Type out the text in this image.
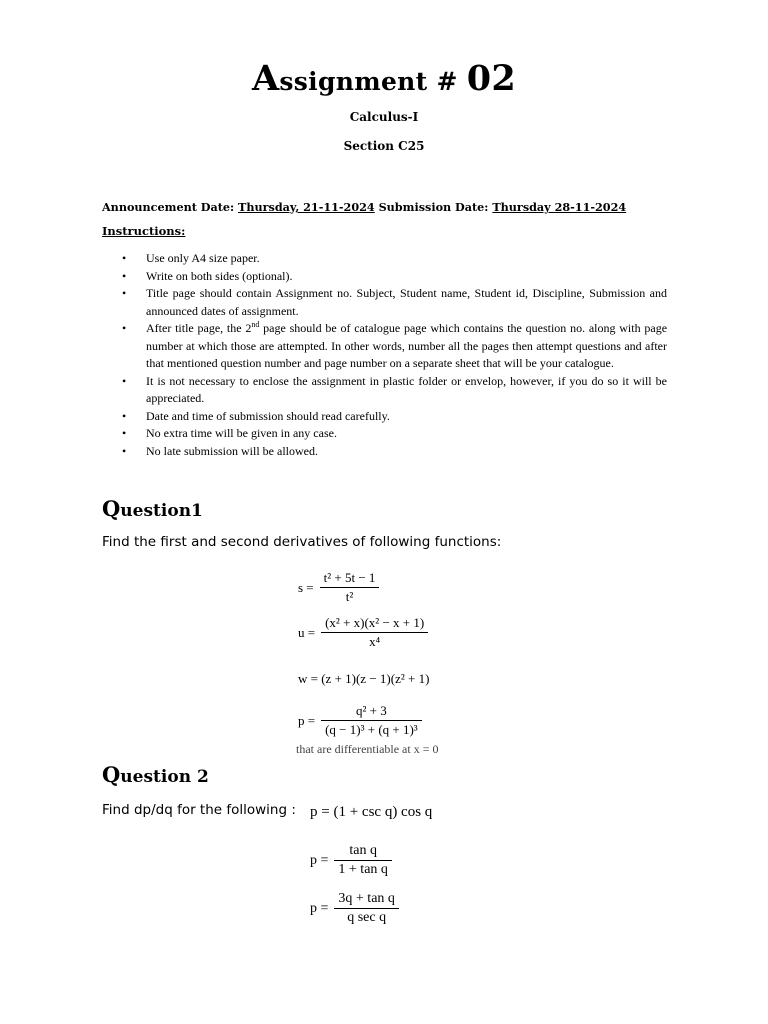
Assignment # 02
Calculus-I
Section C25
Announcement Date: Thursday, 21-11-2024 Submission Date: Thursday 28-11-2024
Instructions:
• Use only A4 size paper.
• Write on both sides (optional).
• Title page should contain Assignment no. Subject, Student name, Student id, Discipline, Submission and announced dates of assignment.
• After title page, the 2nd page should be of catalogue page which contains the question no. along with page number at which those are attempted. In other words, number all the pages then attempt questions and after that mentioned question number and page number on a separate sheet that will be your catalogue.
• It is not necessary to enclose the assignment in plastic folder or envelop, however, if you do so it will be appreciated.
• Date and time of submission should read carefully.
• No extra time will be given in any case.
• No late submission will be allowed.
Question1
Find the first and second derivatives of following functions:
$s = \frac{\text{t² + 5t − 1}}{\text{t²}}$
$u = \frac{\text{(x² + x)(x² − x + 1)}}{\text{x⁴}}$
w = (z + 1)(z − 1)(z² + 1)
$p = \frac{\text{q² + 3}}{\text{(q − 1)³ + (q + 1)³}}$
that are differentiable at x = 0
Question 2
Find dp/dq for the following : p = (1 + csc q) cos q
$p = \frac{\text{tan q}}{\text{1 + tan q}}$
$p = \frac{\text{3q + tan q}}{\text{q sec q}}$
